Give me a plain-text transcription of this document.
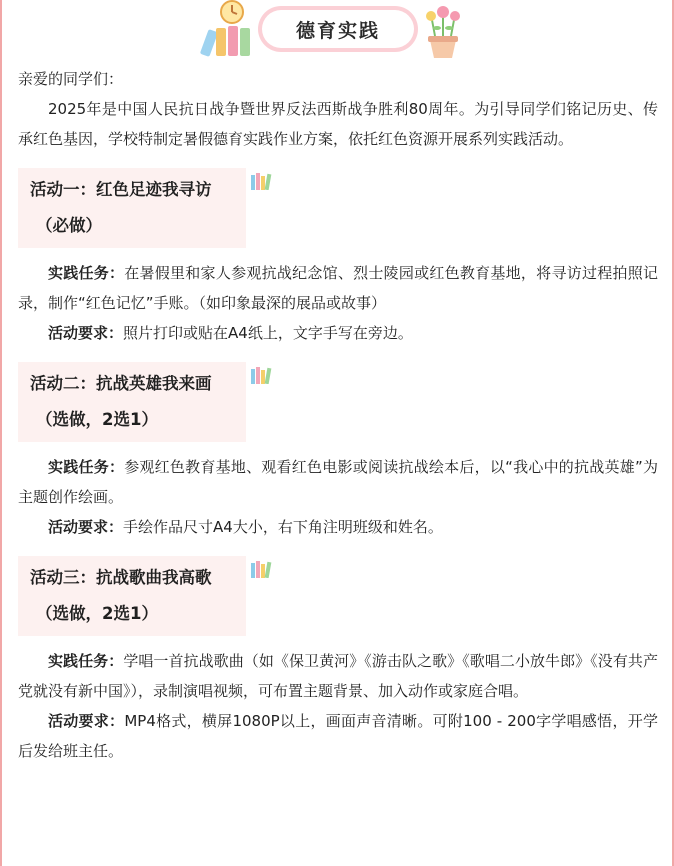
德育实践

亲爱的同学们：

2025年是中国人民抗日战争暨世界反法西斯战争胜利80周年。为引导同学们铭记历史、传承红色基因，学校特制定暑假德育实践作业方案，依托红色资源开展系列实践活动。

活动一：红色足迹我寻访
（必做）

实践任务：在暑假里和家人参观抗战纪念馆、烈士陵园或红色教育基地，将寻访过程拍照记录，制作“红色记忆”手账。（如印象最深的展品或故事）

活动要求：照片打印或贴在A4纸上，文字手写在旁边。

活动二：抗战英雄我来画
（选做，2选1）

实践任务：参观红色教育基地、观看红色电影或阅读抗战绘本后，以“我心中的抗战英雄”为主题创作绘画。

活动要求：手绘作品尺寸A4大小，右下角注明班级和姓名。

活动三：抗战歌曲我高歌
（选做，2选1）

实践任务：学唱一首抗战歌曲（如《保卫黄河》《游击队之歌》《歌唱二小放牛郎》《没有共产党就没有新中国》），录制演唱视频，可布置主题背景、加入动作或家庭合唱。

活动要求：MP4格式，横屏1080P以上，画面声音清晰。可附100 - 200字学唱感悟，开学后发给班主任。
